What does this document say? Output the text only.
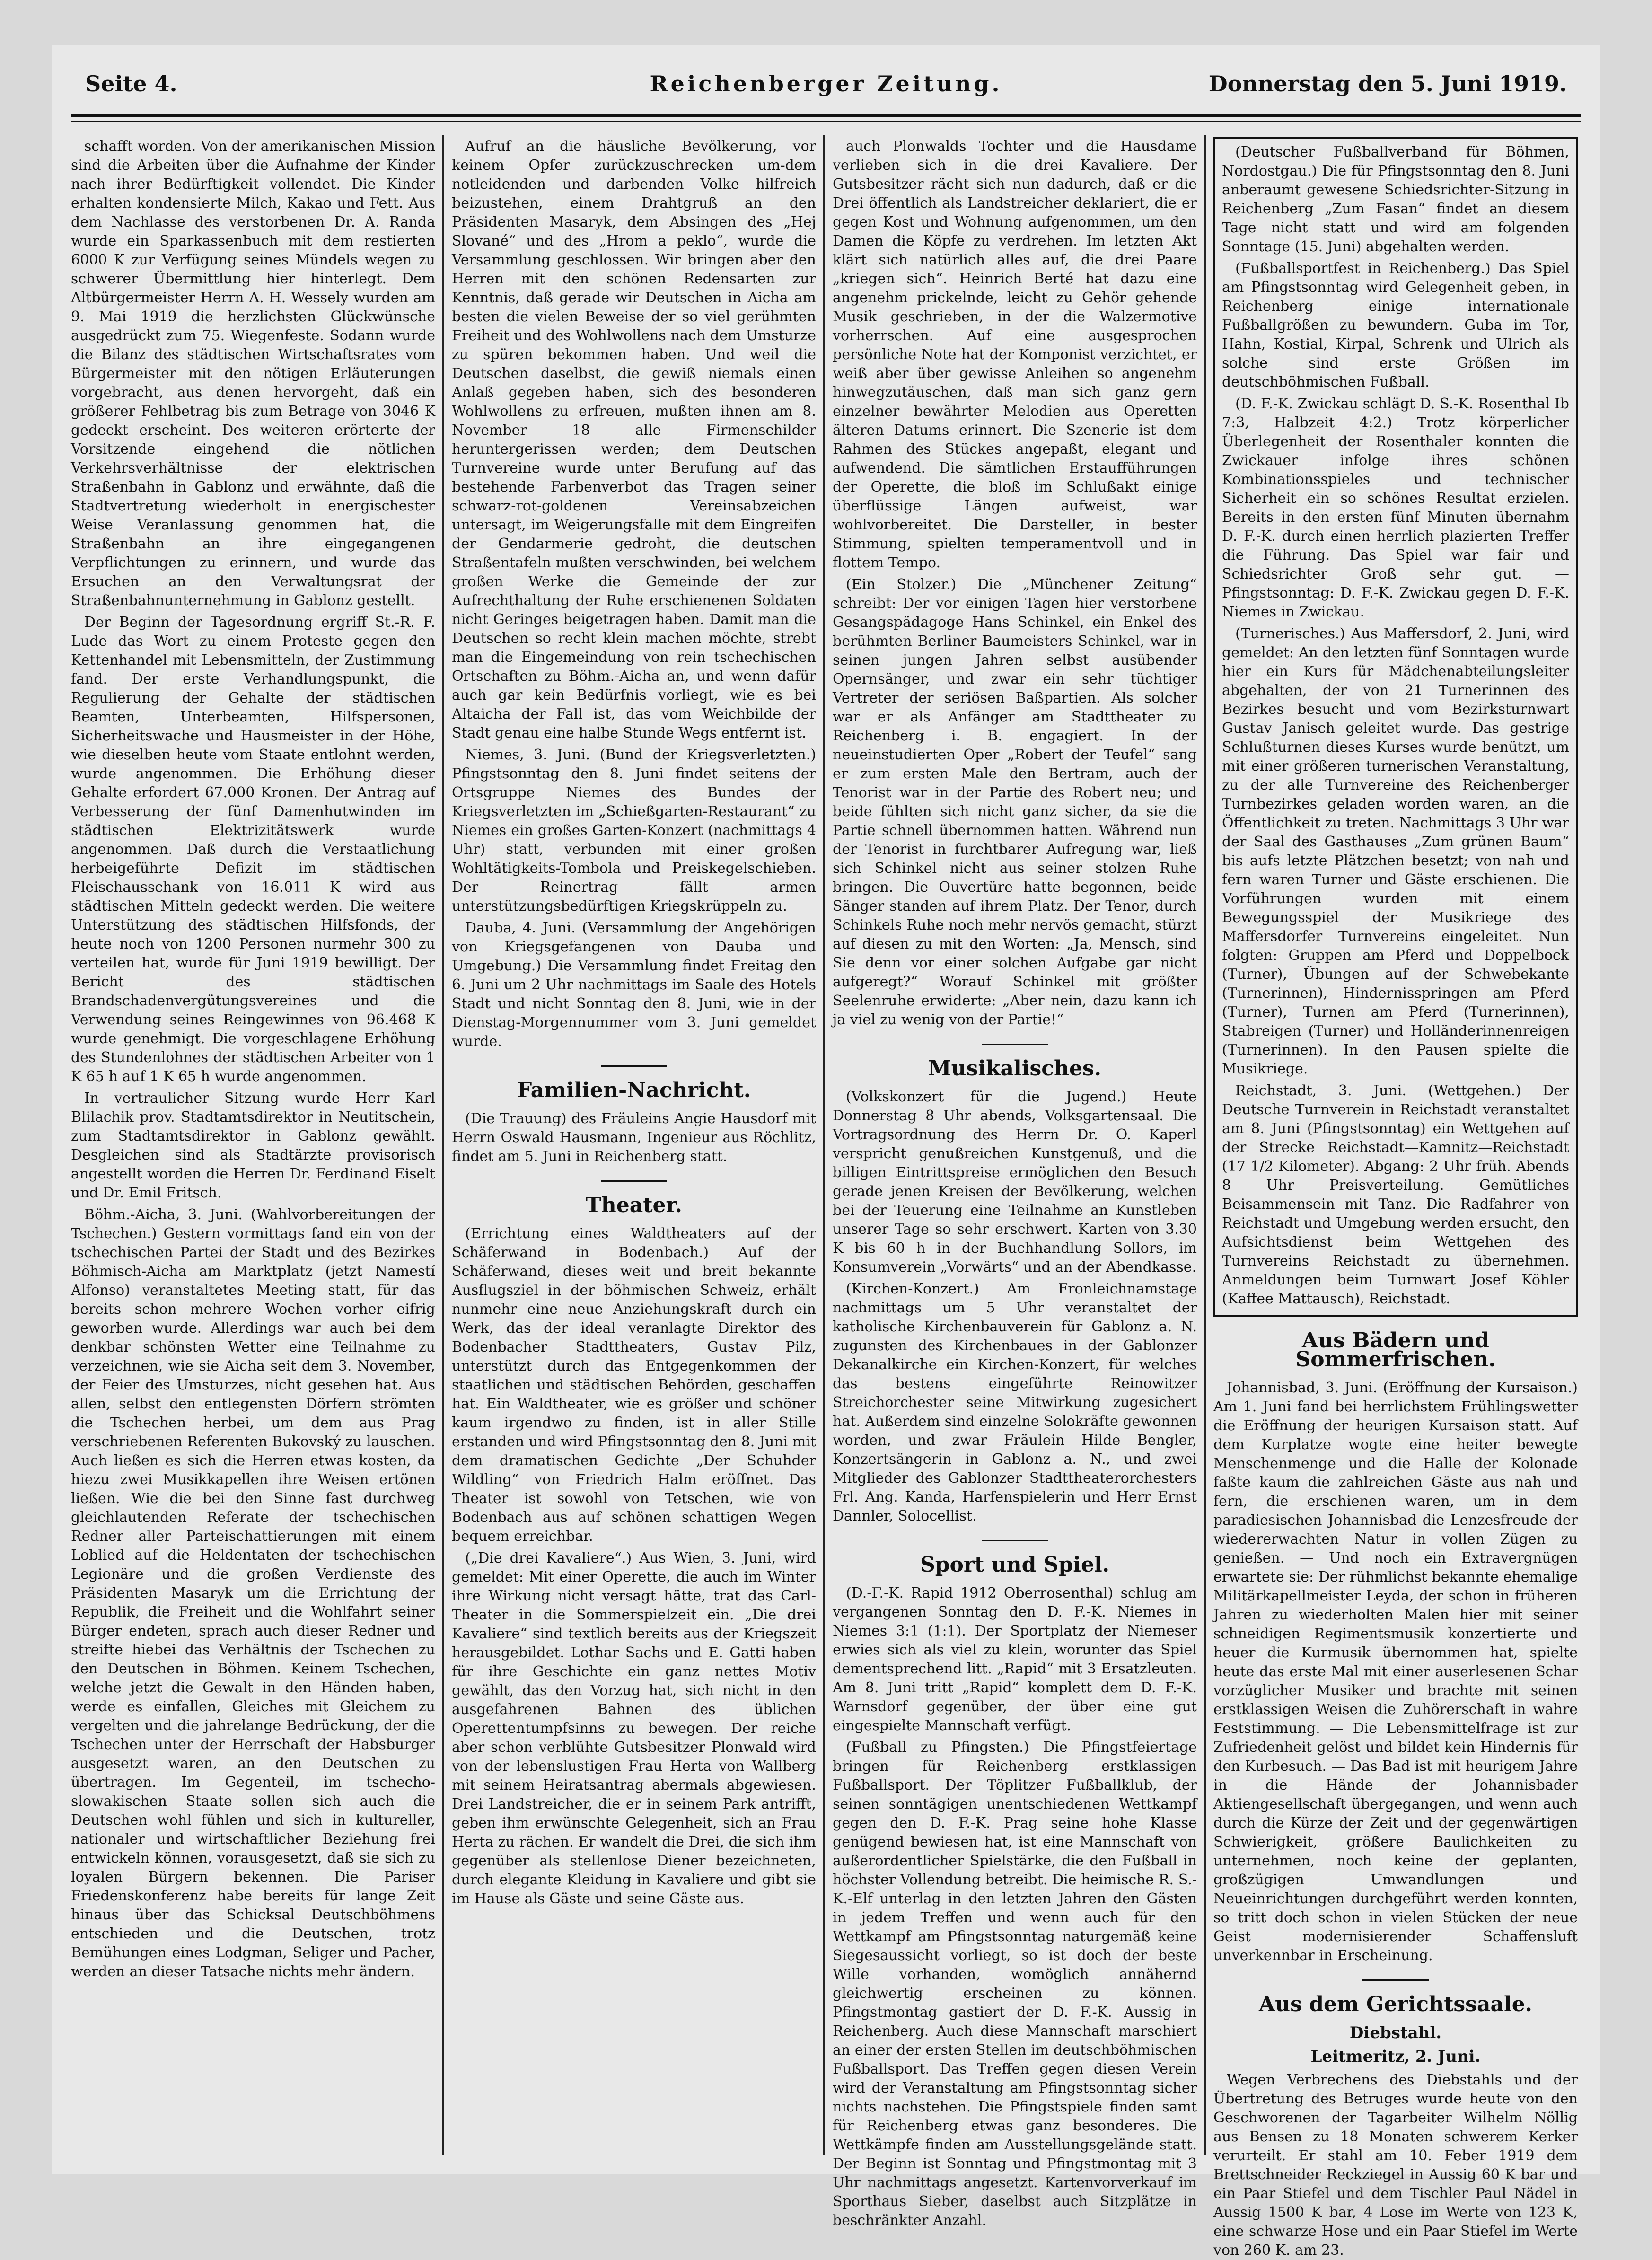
Seite 4.	Reichenberger Zeitung.	Donnerstag den 5. Juni 1919.

schafft worden. Von der amerikanischen Mission sind die Arbeiten über die Aufnahme der Kinder nach ihrer Bedürftigkeit vollendet. Die Kinder erhalten kondensierte Milch, Kakao und Fett. Aus dem Nachlasse des verstorbenen Dr. A. Randa wurde ein Sparkassenbuch mit dem restierten 6000 K zur Verfügung seines Mündels wegen zu schwerer Übermittlung hier hinterlegt. Dem Altbürgermeister Herrn A. H. Wessely wurden am 9. Mai 1919 die herzlichsten Glückwünsche ausgedrückt zum 75. Wiegenfeste. Sodann wurde die Bilanz des städtischen Wirtschaftsrates vom Bürgermeister mit den nötigen Erläuterungen vorgebracht, aus denen hervorgeht, daß ein größerer Fehlbetrag bis zum Betrage von 3046 K gedeckt erscheint. Des weiteren erörterte der Vorsitzende eingehend die nötlichen Verkehrsverhältnisse der elektrischen Straßenbahn in Gablonz und erwähnte, daß die Stadtvertretung wiederholt in energischester Weise Veranlassung genommen hat, die Straßenbahn an ihre eingegangenen Verpflichtungen zu erinnern, und wurde das Ersuchen an den Verwaltungsrat der Straßenbahnunternehmung in Gablonz gestellt.

Der Beginn der Tagesordnung ergriff St.-R. F. Lude das Wort zu einem Proteste gegen den Kettenhandel mit Lebensmitteln, der Zustimmung fand. Der erste Verhandlungspunkt, die Regulierung der Gehalte der städtischen Beamten, Unterbeamten, Hilfspersonen, Sicherheitswache und Hausmeister in der Höhe, wie dieselben heute vom Staate entlohnt werden, wurde angenommen. Die Erhöhung dieser Gehalte erfordert 67.000 Kronen. Der Antrag auf Verbesserung der fünf Damenhutwinden im städtischen Elektrizitätswerk wurde angenommen. Daß durch die Verstaatlichung herbeigeführte Defizit im städtischen Fleischausschank von 16.011 K wird aus städtischen Mitteln gedeckt werden. Die weitere Unterstützung des städtischen Hilfsfonds, der heute noch von 1200 Personen nurmehr 300 zu verteilen hat, wurde für Juni 1919 bewilligt. Der Bericht des städtischen Brandschadenvergütungsvereines und die Verwendung seines Reingewinnes von 96.468 K wurde genehmigt. Die vorgeschlagene Erhöhung des Stundenlohnes der städtischen Arbeiter von 1 K 65 h auf 1 K 65 h wurde angenommen.

In vertraulicher Sitzung wurde Herr Karl Blilachik prov. Stadtamtsdirektor in Neutitschein, zum Stadtamtsdirektor in Gablonz gewählt. Desgleichen sind als Stadtärzte provisorisch angestellt worden die Herren Dr. Ferdinand Eiselt und Dr. Emil Fritsch.

Böhm.-Aicha, 3. Juni. (Wahlvorbereitungen der Tschechen.) Gestern vormittags fand ein von der tschechischen Partei der Stadt und des Bezirkes Böhmisch-Aicha am Marktplatz (jetzt Namestí Alfonso) veranstaltetes Meeting statt, für das bereits schon mehrere Wochen vorher eifrig geworben wurde. Allerdings war auch bei dem denkbar schönsten Wetter eine Teilnahme zu verzeichnen, wie sie Aicha seit dem 3. November, der Feier des Umsturzes, nicht gesehen hat. Aus allen, selbst den entlegensten Dörfern strömten die Tschechen herbei, um dem aus Prag verschriebenen Referenten Bukovský zu lauschen. Auch ließen es sich die Herren etwas kosten, da hiezu zwei Musikkapellen ihre Weisen ertönen ließen. Wie die bei den Sinne fast durchweg gleichlautenden Referate der tschechischen Redner aller Parteischattierungen mit einem Loblied auf die Heldentaten der tschechischen Legionäre und die großen Verdienste des Präsidenten Masaryk um die Errichtung der Republik, die Freiheit und die Wohlfahrt seiner Bürger endeten, sprach auch dieser Redner und streifte hiebei das Verhältnis der Tschechen zu den Deutschen in Böhmen. Keinem Tschechen, welche jetzt die Gewalt in den Händen haben, werde es einfallen, Gleiches mit Gleichem zu vergelten und die jahrelange Bedrückung, der die Tschechen unter der Herrschaft der Habsburger ausgesetzt waren, an den Deutschen zu übertragen. Im Gegenteil, im tschecho-slowakischen Staate sollen sich auch die Deutschen wohl fühlen und sich in kultureller, nationaler und wirtschaftlicher Beziehung frei entwickeln können, vorausgesetzt, daß sie sich zu loyalen Bürgern bekennen. Die Pariser Friedenskonferenz habe bereits für lange Zeit hinaus über das Schicksal Deutschböhmens entschieden und die Deutschen, trotz Bemühungen eines Lodgman, Seliger und Pacher, werden an dieser Tatsache nichts mehr ändern.

Aufruf an die häusliche Bevölkerung, vor keinem Opfer zurückzuschrecken um-dem notleidenden und darbenden Volke hilfreich beizustehen, einem Drahtgruß an den Präsidenten Masaryk, dem Absingen des „Hej Slované“ und des „Hrom a peklo“, wurde die Versammlung geschlossen. Wir bringen aber den Herren mit den schönen Redensarten zur Kenntnis, daß gerade wir Deutschen in Aicha am besten die vielen Beweise der so viel gerühmten Freiheit und des Wohlwollens nach dem Umsturze zu spüren bekommen haben. Und weil die Deutschen daselbst, die gewiß niemals einen Anlaß gegeben haben, sich des besonderen Wohlwollens zu erfreuen, mußten ihnen am 8. November 18 alle Firmenschilder heruntergerissen werden; dem Deutschen Turnvereine wurde unter Berufung auf das bestehende Farbenverbot das Tragen seiner schwarz-rot-goldenen Vereinsabzeichen untersagt, im Weigerungsfalle mit dem Eingreifen der Gendarmerie gedroht, die deutschen Straßentafeln mußten verschwinden, bei welchem großen Werke die Gemeinde der zur Aufrechthaltung der Ruhe erschienenen Soldaten nicht Geringes beigetragen haben. Damit man die Deutschen so recht klein machen möchte, strebt man die Eingemeindung von rein tschechischen Ortschaften zu Böhm.-Aicha an, und wenn dafür auch gar kein Bedürfnis vorliegt, wie es bei Altaicha der Fall ist, das vom Weichbilde der Stadt genau eine halbe Stunde Wegs entfernt ist.

Niemes, 3. Juni. (Bund der Kriegsverletzten.) Pfingstsonntag den 8. Juni findet seitens der Ortsgruppe Niemes des Bundes der Kriegsverletzten im „Schießgarten-Restaurant“ zu Niemes ein großes Garten-Konzert (nachmittags 4 Uhr) statt, verbunden mit einer großen Wohltätigkeits-Tombola und Preiskegelschieben. Der Reinertrag fällt armen unterstützungsbedürftigen Kriegskrüppeln zu.

Dauba, 4. Juni. (Versammlung der Angehörigen von Kriegsgefangenen von Dauba und Umgebung.) Die Versammlung findet Freitag den 6. Juni um 2 Uhr nachmittags im Saale des Hotels Stadt und nicht Sonntag den 8. Juni, wie in der Dienstag-Morgennummer vom 3. Juni gemeldet wurde.

Familien-Nachricht.

(Die Trauung) des Fräuleins Angie Hausdorf mit Herrn Oswald Hausmann, Ingenieur aus Röchlitz, findet am 5. Juni in Reichenberg statt.

Theater.

(Errichtung eines Waldtheaters auf der Schäferwand in Bodenbach.) Auf der Schäferwand, dieses weit und breit bekannte Ausflugsziel in der böhmischen Schweiz, erhält nunmehr eine neue Anziehungskraft durch ein Werk, das der ideal veranlagte Direktor des Bodenbacher Stadttheaters, Gustav Pilz, unterstützt durch das Entgegenkommen der staatlichen und städtischen Behörden, geschaffen hat. Ein Waldtheater, wie es größer und schöner kaum irgendwo zu finden, ist in aller Stille erstanden und wird Pfingstsonntag den 8. Juni mit dem dramatischen Gedichte „Der Schuhder Wildling“ von Friedrich Halm eröffnet. Das Theater ist sowohl von Tetschen, wie von Bodenbach aus auf schönen schattigen Wegen bequem erreichbar.

(„Die drei Kavaliere“.) Aus Wien, 3. Juni, wird gemeldet: Mit einer Operette, die auch im Winter ihre Wirkung nicht versagt hätte, trat das Carl-Theater in die Sommerspielzeit ein. „Die drei Kavaliere“ sind textlich bereits aus der Kriegszeit herausgebildet. Lothar Sachs und E. Gatti haben für ihre Geschichte ein ganz nettes Motiv gewählt, das den Vorzug hat, sich nicht in den ausgefahrenen Bahnen des üblichen Operettentumpfsinns zu bewegen. Der reiche aber schon verblühte Gutsbesitzer Plonwald wird von der lebenslustigen Frau Herta von Wallberg mit seinem Heiratsantrag abermals abgewiesen. Drei Landstreicher, die er in seinem Park antrifft, geben ihm erwünschte Gelegenheit, sich an Frau Herta zu rächen. Er wandelt die Drei, die sich ihm gegenüber als stellenlose Diener bezeichneten, durch elegante Kleidung in Kavaliere und gibt sie im Hause als Gäste und seine Gäste aus.

auch Plonwalds Tochter und die Hausdame verlieben sich in die drei Kavaliere. Der Gutsbesitzer rächt sich nun dadurch, daß er die Drei öffentlich als Landstreicher deklariert, die er gegen Kost und Wohnung aufgenommen, um den Damen die Köpfe zu verdrehen. Im letzten Akt klärt sich natürlich alles auf, die drei Paare „kriegen sich“. Heinrich Berté hat dazu eine angenehm prickelnde, leicht zu Gehör gehende Musik geschrieben, in der die Walzermotive vorherrschen. Auf eine ausgesprochen persönliche Note hat der Komponist verzichtet, er weiß aber über gewisse Anleihen so angenehm hinwegzutäuschen, daß man sich ganz gern einzelner bewährter Melodien aus Operetten älteren Datums erinnert. Die Szenerie ist dem Rahmen des Stückes angepaßt, elegant und aufwendend. Die sämtlichen Erstaufführungen der Operette, die bloß im Schlußakt einige überflüssige Längen aufweist, war wohlvorbereitet. Die Darsteller, in bester Stimmung, spielten temperamentvoll und in flottem Tempo.

(Ein Stolzer.) Die „Münchener Zeitung“ schreibt: Der vor einigen Tagen hier verstorbene Gesangspädagoge Hans Schinkel, ein Enkel des berühmten Berliner Baumeisters Schinkel, war in seinen jungen Jahren selbst ausübender Opernsänger, und zwar ein sehr tüchtiger Vertreter der seriösen Baßpartien. Als solcher war er als Anfänger am Stadttheater zu Reichenberg i. B. engagiert. In der neueinstudierten Oper „Robert der Teufel“ sang er zum ersten Male den Bertram, auch der Tenorist war in der Partie des Robert neu; und beide fühlten sich nicht ganz sicher, da sie die Partie schnell übernommen hatten. Während nun der Tenorist in furchtbarer Aufregung war, ließ sich Schinkel nicht aus seiner stolzen Ruhe bringen. Die Ouvertüre hatte begonnen, beide Sänger standen auf ihrem Platz. Der Tenor, durch Schinkels Ruhe noch mehr nervös gemacht, stürzt auf diesen zu mit den Worten: „Ja, Mensch, sind Sie denn vor einer solchen Aufgabe gar nicht aufgeregt?“ Worauf Schinkel mit größter Seelenruhe erwiderte: „Aber nein, dazu kann ich ja viel zu wenig von der Partie!“

Musikalisches.

(Volkskonzert für die Jugend.) Heute Donnerstag 8 Uhr abends, Volksgartensaal. Die Vortragsordnung des Herrn Dr. O. Kaperl verspricht genußreichen Kunstgenuß, und die billigen Eintrittspreise ermöglichen den Besuch gerade jenen Kreisen der Bevölkerung, welchen bei der Teuerung eine Teilnahme an Kunstleben unserer Tage so sehr erschwert. Karten von 3.30 K bis 60 h in der Buchhandlung Sollors, im Konsumverein „Vorwärts“ und an der Abendkasse.

(Kirchen-Konzert.) Am Fronleichnamstage nachmittags um 5 Uhr veranstaltet der katholische Kirchenbauverein für Gablonz a. N. zugunsten des Kirchenbaues in der Gablonzer Dekanalkirche ein Kirchen-Konzert, für welches das bestens eingeführte Reinowitzer Streichorchester seine Mitwirkung zugesichert hat. Außerdem sind einzelne Solokräfte gewonnen worden, und zwar Fräulein Hilde Bengler, Konzertsängerin in Gablonz a. N., und zwei Mitglieder des Gablonzer Stadttheaterorchesters Frl. Ang. Kanda, Harfenspielerin und Herr Ernst Dannler, Solocellist.

Sport und Spiel.

(D.-F.-K. Rapid 1912 Oberrosenthal) schlug am vergangenen Sonntag den D. F.-K. Niemes in Niemes 3:1 (1:1). Der Sportplatz der Niemeser erwies sich als viel zu klein, worunter das Spiel dementsprechend litt. „Rapid“ mit 3 Ersatzleuten. Am 8. Juni tritt „Rapid“ komplett dem D. F.-K. Warnsdorf gegenüber, der über eine gut eingespielte Mannschaft verfügt.

(Fußball zu Pfingsten.) Die Pfingstfeiertage bringen für Reichenberg erstklassigen Fußballsport. Der Töplitzer Fußballklub, der seinen sonntägigen unentschiedenen Wettkampf gegen den D. F.-K. Prag seine hohe Klasse genügend bewiesen hat, ist eine Mannschaft von außerordentlicher Spielstärke, die den Fußball in höchster Vollendung betreibt. Die heimische R. S.-K.-Elf unterlag in den letzten Jahren den Gästen in jedem Treffen und wenn auch für den Wettkampf am Pfingstsonntag naturgemäß keine Siegesaussicht vorliegt, so ist doch der beste Wille vorhanden, womöglich annähernd gleichwertig erscheinen zu können. Pfingstmontag gastiert der D. F.-K. Aussig in Reichenberg. Auch diese Mannschaft marschiert an einer der ersten Stellen im deutschböhmischen Fußballsport. Das Treffen gegen diesen Verein wird der Veranstaltung am Pfingstsonntag sicher nichts nachstehen. Die Pfingstspiele finden samt für Reichenberg etwas ganz besonderes. Die Wettkämpfe finden am Ausstellungsgelände statt. Der Beginn ist Sonntag und Pfingstmontag mit 3 Uhr nachmittags angesetzt. Kartenvorverkauf im Sporthaus Sieber, daselbst auch Sitzplätze in beschränkter Anzahl.

(Deutscher Fußballverband für Böhmen, Nordostgau.) Die für Pfingstsonntag den 8. Juni anberaumt gewesene Schiedsrichter-Sitzung in Reichenberg „Zum Fasan“ findet an diesem Tage nicht statt und wird am folgenden Sonntage (15. Juni) abgehalten werden.

(Fußballsportfest in Reichenberg.) Das Spiel am Pfingstsonntag wird Gelegenheit geben, in Reichenberg einige internationale Fußballgrößen zu bewundern. Guba im Tor, Hahn, Kostial, Kirpal, Schrenk und Ulrich als solche sind erste Größen im deutschböhmischen Fußball.

(D. F.-K. Zwickau schlägt D. S.-K. Rosenthal Ib 7:3, Halbzeit 4:2.) Trotz körperlicher Überlegenheit der Rosenthaler konnten die Zwickauer infolge ihres schönen Kombinationsspieles und technischer Sicherheit ein so schönes Resultat erzielen. Bereits in den ersten fünf Minuten übernahm D. F.-K. durch einen herrlich plazierten Treffer die Führung. Das Spiel war fair und Schiedsrichter Groß sehr gut. — Pfingstsonntag: D. F.-K. Zwickau gegen D. F.-K. Niemes in Zwickau.

(Turnerisches.) Aus Maffersdorf, 2. Juni, wird gemeldet: An den letzten fünf Sonntagen wurde hier ein Kurs für Mädchenabteilungsleiter abgehalten, der von 21 Turnerinnen des Bezirkes besucht und vom Bezirksturnwart Gustav Janisch geleitet wurde. Das gestrige Schlußturnen dieses Kurses wurde benützt, um mit einer größeren turnerischen Veranstaltung, zu der alle Turnvereine des Reichenberger Turnbezirkes geladen worden waren, an die Öffentlichkeit zu treten. Nachmittags 3 Uhr war der Saal des Gasthauses „Zum grünen Baum“ bis aufs letzte Plätzchen besetzt; von nah und fern waren Turner und Gäste erschienen. Die Vorführungen wurden mit einem Bewegungsspiel der Musikriege des Maffersdorfer Turnvereins eingeleitet. Nun folgten: Gruppen am Pferd und Doppelbock (Turner), Übungen auf der Schwebekante (Turnerinnen), Hindernisspringen am Pferd (Turner), Turnen am Pferd (Turnerinnen), Stabreigen (Turner) und Holländerinnenreigen (Turnerinnen). In den Pausen spielte die Musikriege.

Reichstadt, 3. Juni. (Wettgehen.) Der Deutsche Turnverein in Reichstadt veranstaltet am 8. Juni (Pfingstsonntag) ein Wettgehen auf der Strecke Reichstadt—Kamnitz—Reichstadt (17 1/2 Kilometer). Abgang: 2 Uhr früh. Abends 8 Uhr Preisverteilung. Gemütliches Beisammensein mit Tanz. Die Radfahrer von Reichstadt und Umgebung werden ersucht, den Aufsichtsdienst beim Wettgehen des Turnvereins Reichstadt zu übernehmen. Anmeldungen beim Turnwart Josef Köhler (Kaffee Mattausch), Reichstadt.

Aus Bädern und Sommerfrischen.

Johannisbad, 3. Juni. (Eröffnung der Kursaison.) Am 1. Juni fand bei herrlichstem Frühlingswetter die Eröffnung der heurigen Kursaison statt. Auf dem Kurplatze wogte eine heiter bewegte Menschenmenge und die Halle der Kolonade faßte kaum die zahlreichen Gäste aus nah und fern, die erschienen waren, um in dem paradiesischen Johannisbad die Lenzesfreude der wiedererwachten Natur in vollen Zügen zu genießen. — Und noch ein Extravergnügen erwartete sie: Der rühmlichst bekannte ehemalige Militärkapellmeister Leyda, der schon in früheren Jahren zu wiederholten Malen hier mit seiner schneidigen Regimentsmusik konzertierte und heuer die Kurmusik übernommen hat, spielte heute das erste Mal mit einer auserlesenen Schar vorzüglicher Musiker und brachte mit seinen erstklassigen Weisen die Zuhörerschaft in wahre Feststimmung. — Die Lebensmittelfrage ist zur Zufriedenheit gelöst und bildet kein Hindernis für den Kurbesuch. — Das Bad ist mit heurigem Jahre in die Hände der Johannisbader Aktiengesellschaft übergegangen, und wenn auch durch die Kürze der Zeit und der gegenwärtigen Schwierigkeit, größere Baulichkeiten zu unternehmen, noch keine der geplanten, großzügigen Umwandlungen und Neueinrichtungen durchgeführt werden konnten, so tritt doch schon in vielen Stücken der neue Geist modernisierender Schaffensluft unverkennbar in Erscheinung.

Aus dem Gerichtssaale.
Diebstahl.
Leitmeritz, 2. Juni.

Wegen Verbrechens des Diebstahls und der Übertretung des Betruges wurde heute von den Geschworenen der Tagarbeiter Wilhelm Nöllig aus Bensen zu 18 Monaten schwerem Kerker verurteilt. Er stahl am 10. Feber 1919 dem Brettschneider Reckziegel in Aussig 60 K bar und ein Paar Stiefel und dem Tischler Paul Nädel in Aussig 1500 K bar, 4 Lose im Werte von 123 K, eine schwarze Hose und ein Paar Stiefel im Werte von 260 K. am 23.
